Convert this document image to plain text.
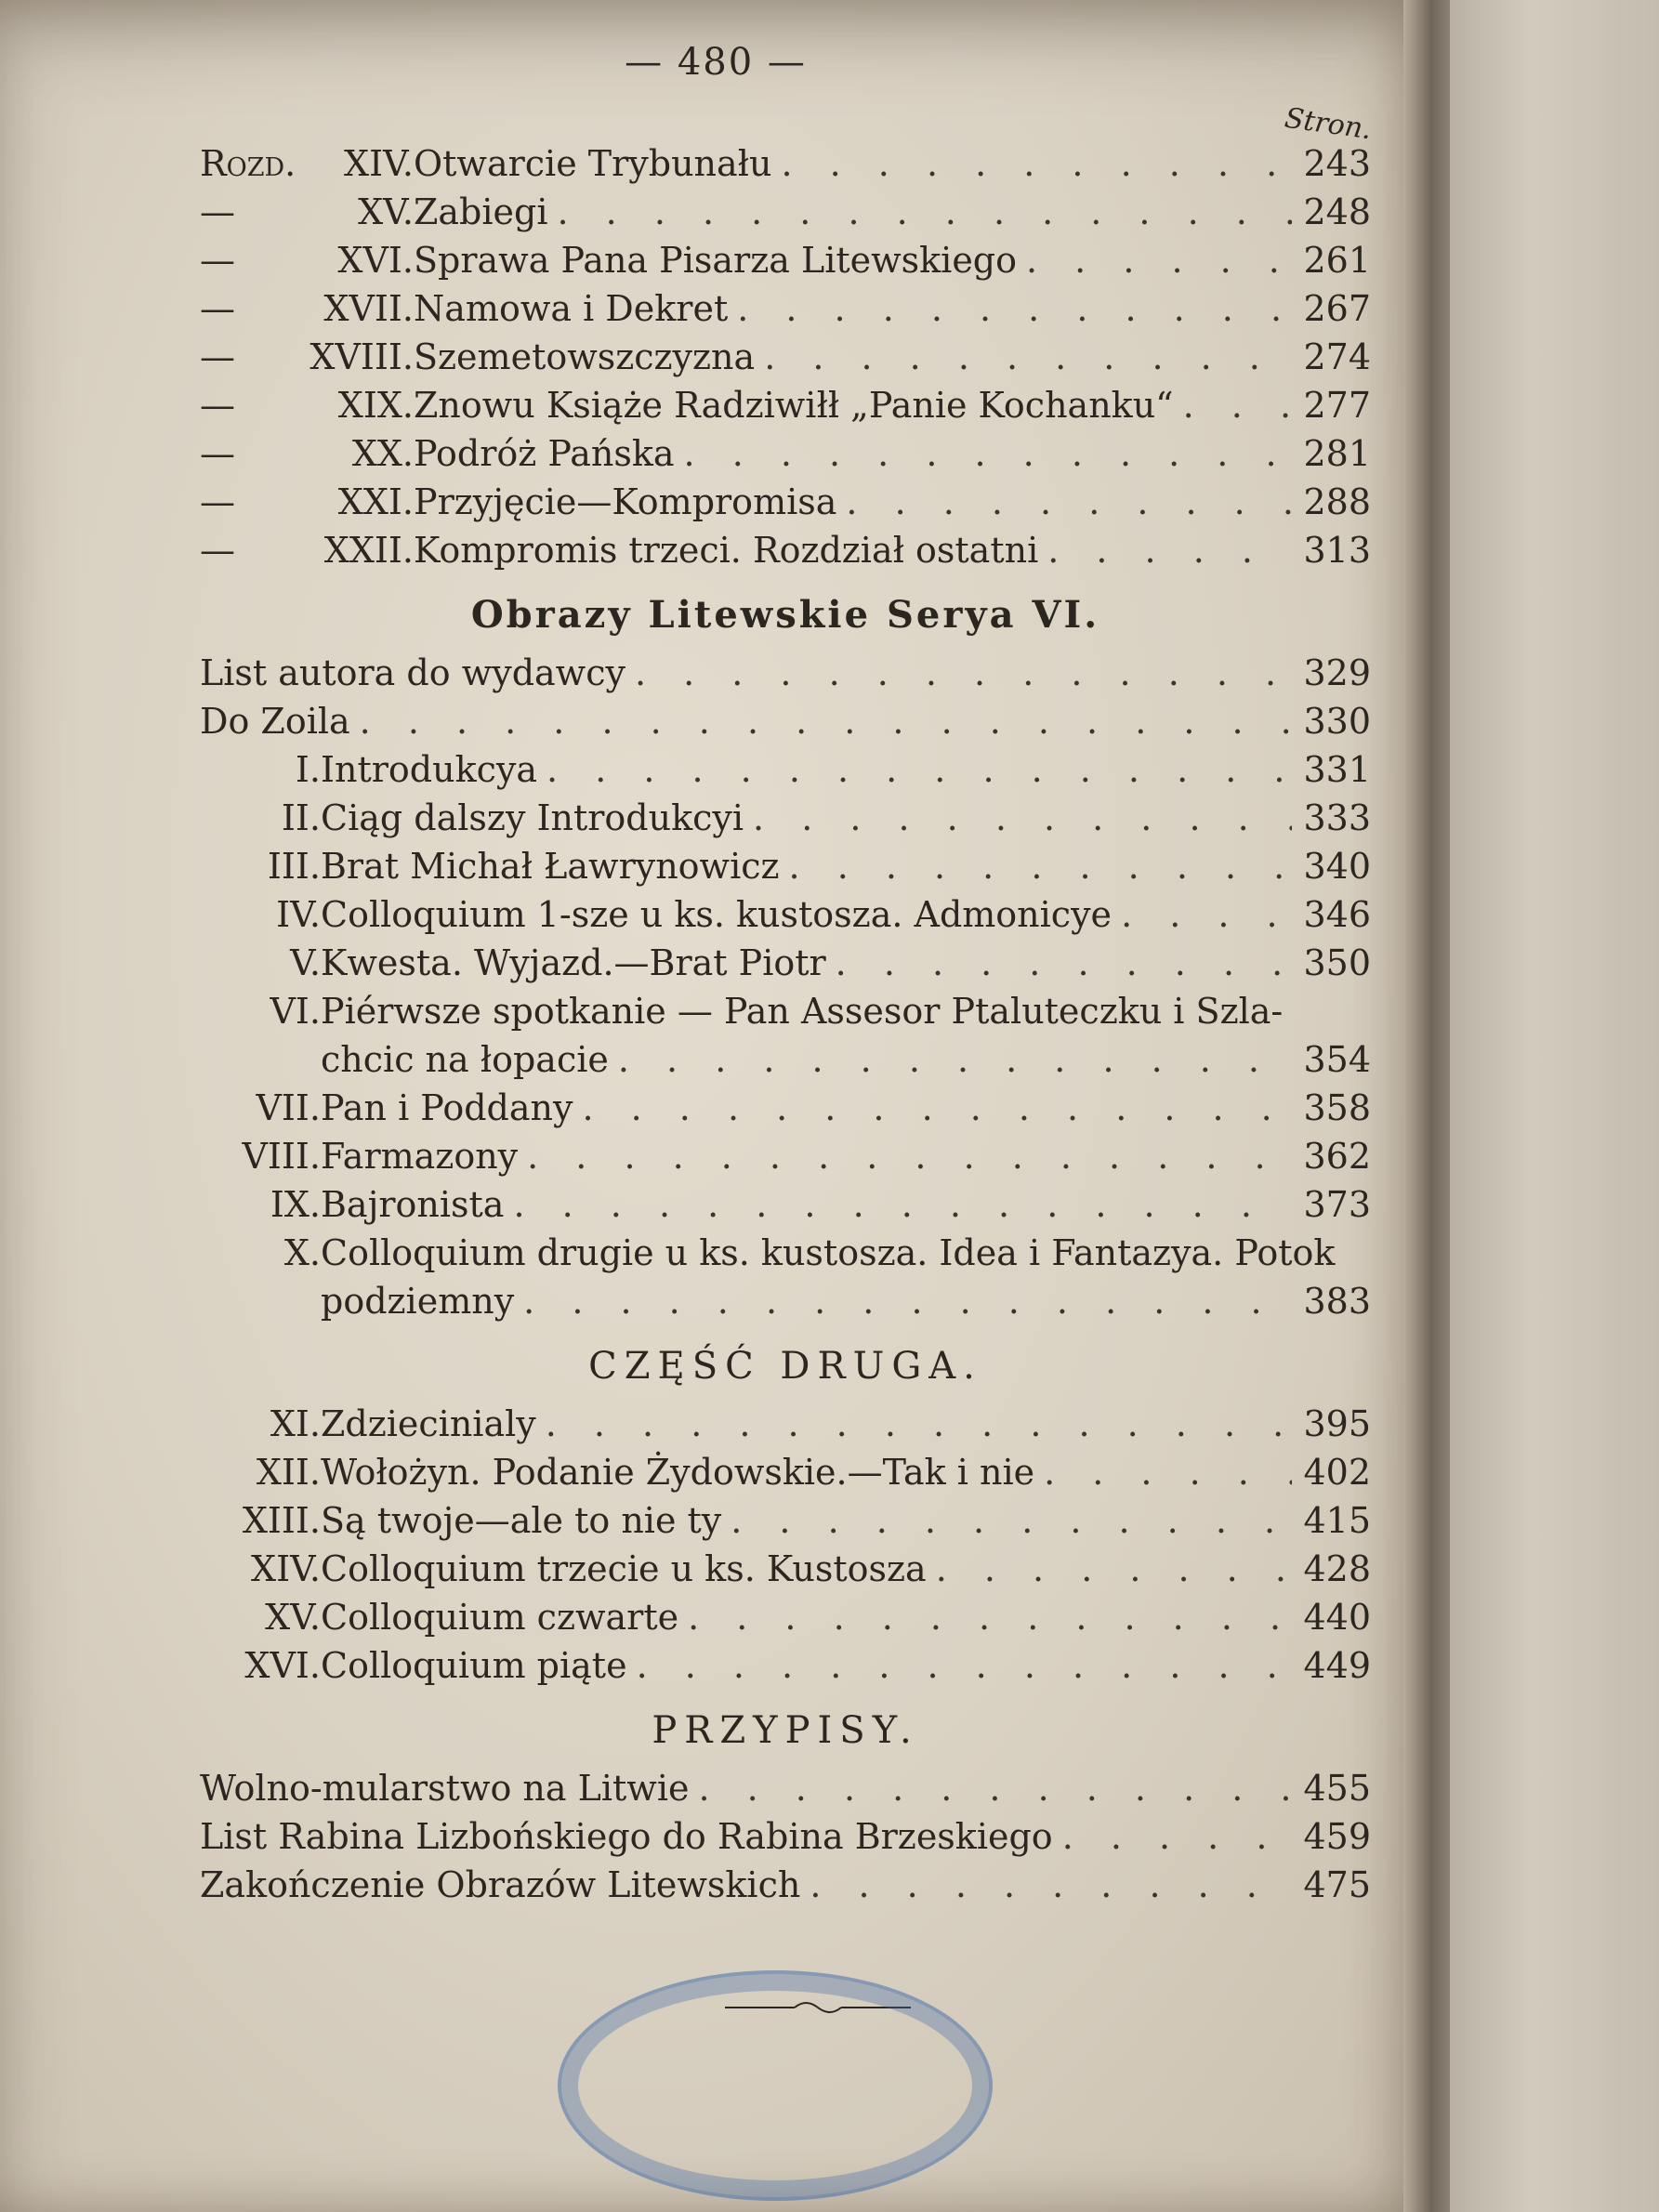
— 480 —
Stron.
Rozd. XIV. Otwarcie Trybunału . . .	243
—	XV. Zabiegi . . .	248
—	XVI. Sprawa Pana Pisarza Litewskiego . . .	261
—	XVII. Namowa i Dekret . . .	267
— XVIII. Szemetowszczyzna . . .	274
—	XIX. Znowu Książe Radziwiłł „Panie Kochanku“ . . .	277
—	XX. Podróż Pańska . . .	281
—	XXI. Przyjęcie—Kompromisa . . .	288
—	XXII. Kompromis trzeci. Rozdział ostatni . . .	313
Obrazy Litewskie Serya VI.
List autora do wydawcy . . .	329
Do Zoila . . .	330
I. Introdukcya . . .	331
II. Ciąg dalszy Introdukcyi . . .	333
III. Brat Michał Ławrynowicz . . .	340
IV. Colloquium 1-sze u ks. kustosza. Admonicye . . .	346
V. Kwesta. Wyjazd.—Brat Piotr . . .	350
VI. Piérwsze spotkanie — Pan Assesor Ptaluteczku i Szla-
chcic na łopacie . . .	354
VII. Pan i Poddany . . .	358
VIII. Farmazony . . .	362
IX. Bajronista . . .	373
X. Colloquium drugie u ks. kustosza. Idea i Fantazya. Potok
podziemny . . .	383
CZĘŚĆ DRUGA.
XI. Zdziecinialy . . .	395
XII. Wołożyn. Podanie Żydowskie.—Tak i nie . . .	402
XIII. Są twoje—ale to nie ty . . .	415
XIV. Colloquium trzecie u ks. Kustosza . . .	428
XV. Colloquium czwarte . . .	440
XVI. Colloquium piąte . . .	449
PRZYPISY.
Wolno-mularstwo na Litwie . . .	455
List Rabina Lizbońskiego do Rabina Brzeskiego . . .	459
Zakończenie Obrazów Litewskich . . .	475
